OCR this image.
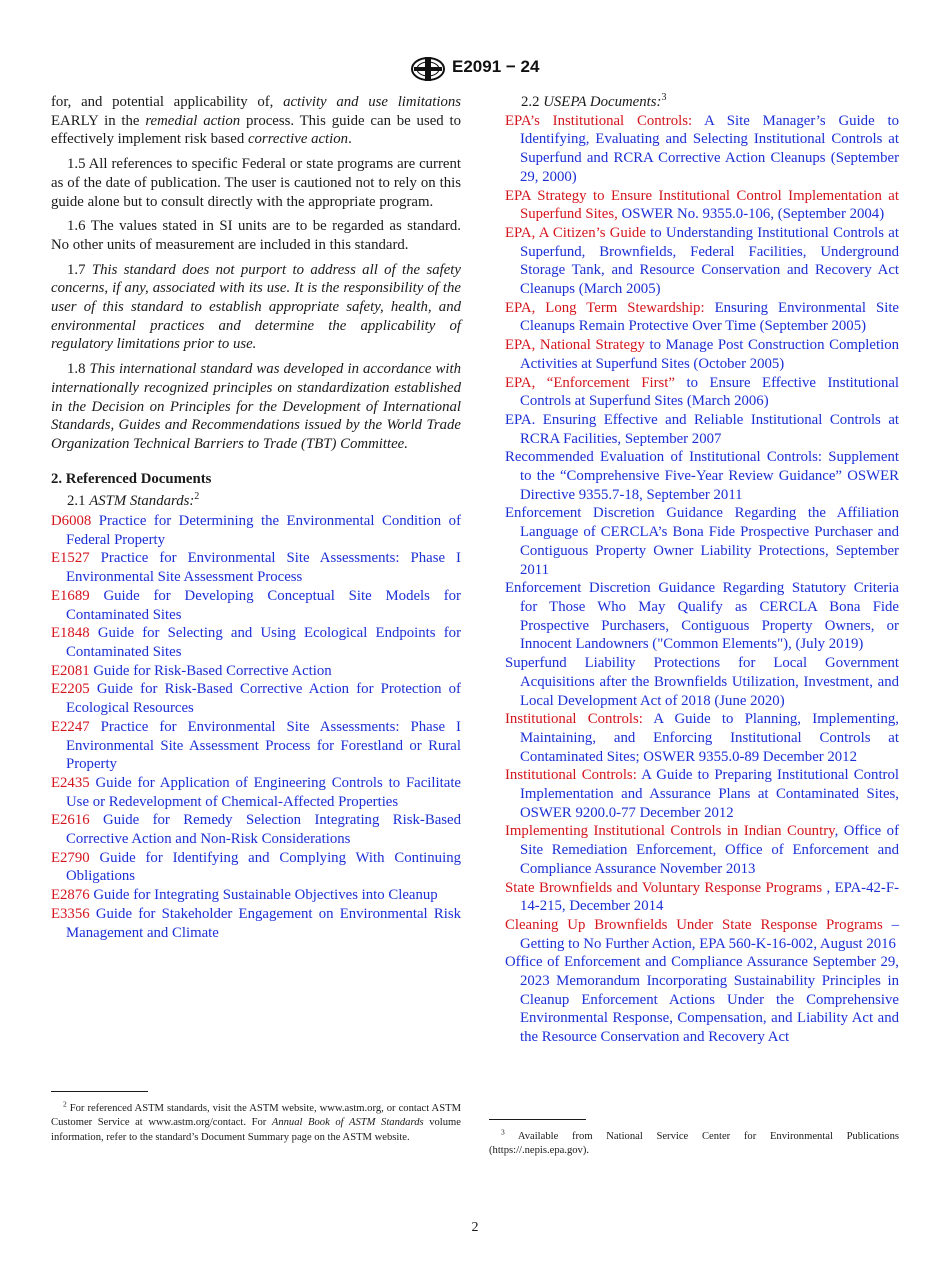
E2091 − 24

for, and potential applicability of, activity and use limitations EARLY in the remedial action process. This guide can be used to effectively implement risk based corrective action.

1.5 All references to specific Federal or state programs are current as of the date of publication. The user is cautioned not to rely on this guide alone but to consult directly with the appropriate program.

1.6 The values stated in SI units are to be regarded as standard. No other units of measurement are included in this standard.

1.7 This standard does not purport to address all of the safety concerns, if any, associated with its use. It is the responsibility of the user of this standard to establish appropriate safety, health, and environmental practices and determine the applicability of regulatory limitations prior to use.

1.8 This international standard was developed in accordance with internationally recognized principles on standardization established in the Decision on Principles for the Development of International Standards, Guides and Recommendations issued by the World Trade Organization Technical Barriers to Trade (TBT) Committee.

2. Referenced Documents

2.1 ASTM Standards:$^2$

D6008 Practice for Determining the Environmental Condition of Federal Property

E1527 Practice for Environmental Site Assessments: Phase I Environmental Site Assessment Process

E1689 Guide for Developing Conceptual Site Models for Contaminated Sites

E1848 Guide for Selecting and Using Ecological Endpoints for Contaminated Sites

E2081 Guide for Risk-Based Corrective Action

E2205 Guide for Risk-Based Corrective Action for Protection of Ecological Resources

E2247 Practice for Environmental Site Assessments: Phase I Environmental Site Assessment Process for Forestland or Rural Property

E2435 Guide for Application of Engineering Controls to Facilitate Use or Redevelopment of Chemical-Affected Properties

E2616 Guide for Remedy Selection Integrating Risk-Based Corrective Action and Non-Risk Considerations

E2790 Guide for Identifying and Complying With Continuing Obligations

E2876 Guide for Integrating Sustainable Objectives into Cleanup

E3356 Guide for Stakeholder Engagement on Environmental Risk Management and Climate

$^2$ For referenced ASTM standards, visit the ASTM website, www.astm.org, or contact ASTM Customer Service at www.astm.org/contact. For Annual Book of ASTM Standards volume information, refer to the standard’s Document Summary page on the ASTM website.

2.2 USEPA Documents:$^3$

EPA’s Institutional Controls: A Site Manager’s Guide to Identifying, Evaluating and Selecting Institutional Controls at Superfund and RCRA Corrective Action Cleanups (September 29, 2000)

EPA Strategy to Ensure Institutional Control Implementation at Superfund Sites, OSWER No. 9355.0-106, (September 2004)

EPA, A Citizen’s Guide to Understanding Institutional Controls at Superfund, Brownfields, Federal Facilities, Underground Storage Tank, and Resource Conservation and Recovery Act Cleanups (March 2005)

EPA, Long Term Stewardship: Ensuring Environmental Site Cleanups Remain Protective Over Time (September 2005)

EPA, National Strategy to Manage Post Construction Completion Activities at Superfund Sites (October 2005)

EPA, “Enforcement First” to Ensure Effective Institutional Controls at Superfund Sites (March 2006)

EPA. Ensuring Effective and Reliable Institutional Controls at RCRA Facilities, September 2007

Recommended Evaluation of Institutional Controls: Supplement to the “Comprehensive Five-Year Review Guidance” OSWER Directive 9355.7-18, September 2011

Enforcement Discretion Guidance Regarding the Affiliation Language of CERCLA’s Bona Fide Prospective Purchaser and Contiguous Property Owner Liability Protections, September 2011

Enforcement Discretion Guidance Regarding Statutory Criteria for Those Who May Qualify as CERCLA Bona Fide Prospective Purchasers, Contiguous Property Owners, or Innocent Landowners ("Common Elements"), (July 2019)

Superfund Liability Protections for Local Government Acquisitions after the Brownfields Utilization, Investment, and Local Development Act of 2018 (June 2020)

Institutional Controls: A Guide to Planning, Implementing, Maintaining, and Enforcing Institutional Controls at Contaminated Sites; OSWER 9355.0-89 December 2012

Institutional Controls: A Guide to Preparing Institutional Control Implementation and Assurance Plans at Contaminated Sites, OSWER 9200.0-77 December 2012

Implementing Institutional Controls in Indian Country, Office of Site Remediation Enforcement, Office of Enforcement and Compliance Assurance November 2013

State Brownfields and Voluntary Response Programs , EPA-42-F-14-215, December 2014

Cleaning Up Brownfields Under State Response Programs – Getting to No Further Action, EPA 560-K-16-002, August 2016

Office of Enforcement and Compliance Assurance September 29, 2023 Memorandum Incorporating Sustainability Principles in Cleanup Enforcement Actions Under the Comprehensive Environmental Response, Compensation, and Liability Act and the Resource Conservation and Recovery Act

$^3$ Available from National Service Center for Environmental Publications (https://.nepis.epa.gov).
2
